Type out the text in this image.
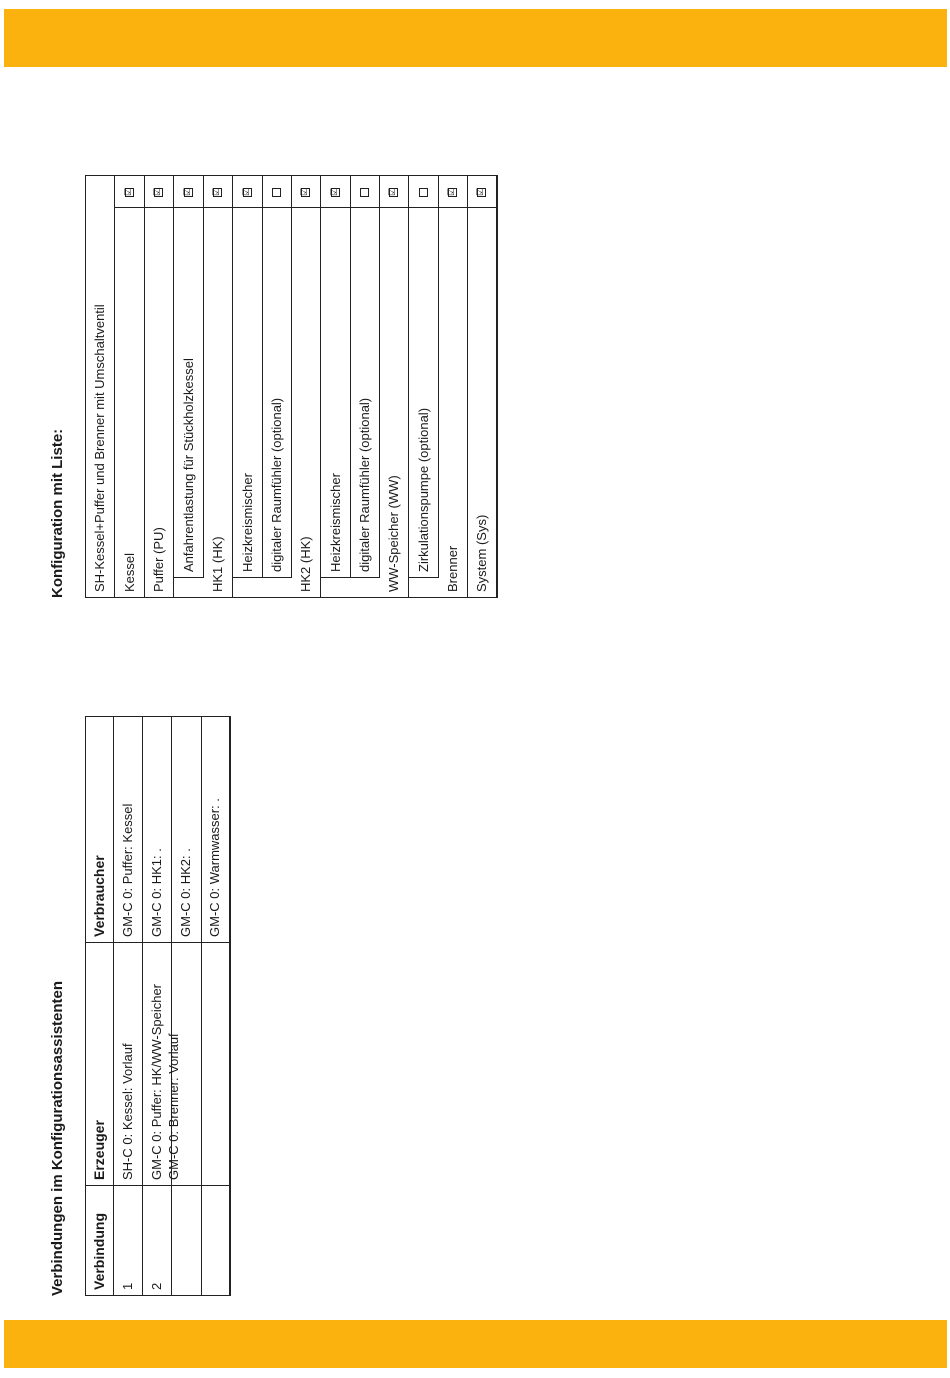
Verbindungen im Konfigurationsassistenten Verbindung
Erzeuger
Verbraucher
1
SH-C 0: Kessel: Vorlauf
GM-C 0: Puffer: Kessel
2
GM-C 0: Puffer: HK/WW-Speicher GM-C 0: Brenner: Vorlauf
GM-C 0: HK1: . GM-C 0: HK2: . GM-C 0: Warmwasser: .
Konfiguration mit Liste: SH-Kessel+Puffer und Brenner mit Umschaltventil Kessel
☑
Puffer (PU)
☑
Anfahrentlastung für Stückholzkessel
☑
HK1 (HK)
☑
Heizkreismischer
☑
digitaler Raumfühler (optional) HK2 (HK)
☑
Heizkreismischer
☑
digitaler Raumfühler (optional) WW-Speicher (WW)
☑
Zirkulationspumpe (optional) Brenner
☑
System (Sys)
☑
